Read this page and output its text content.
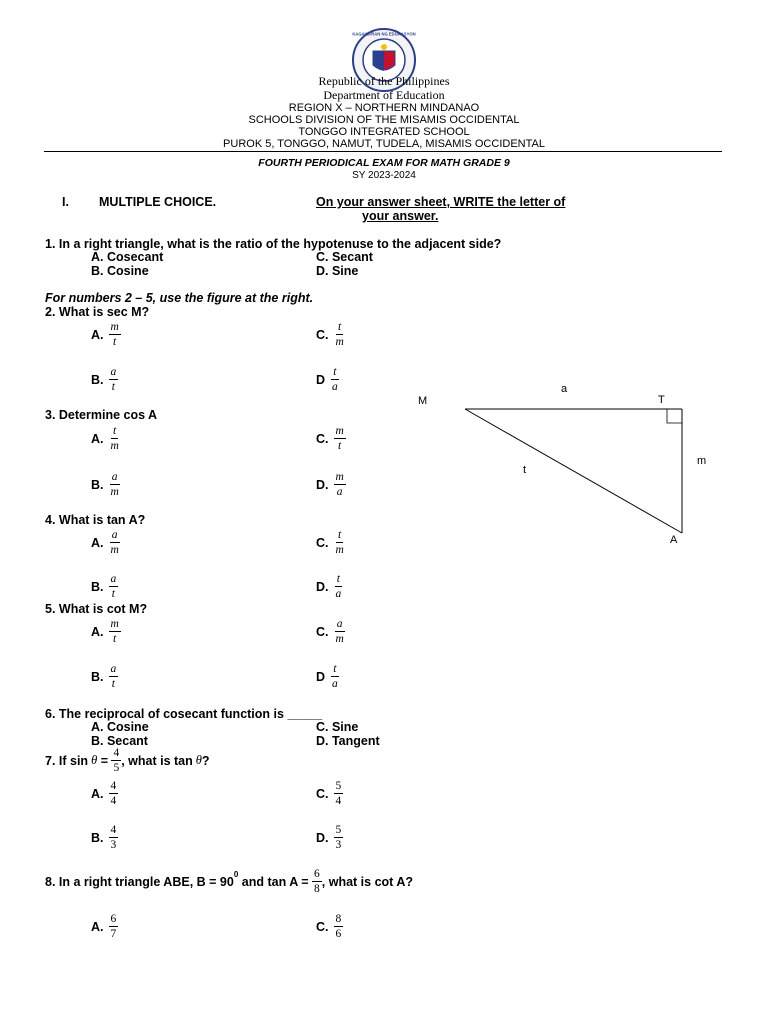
KAGAWARAN NG EDUKASYON
Republic of the Philippines
Department of Education
REGION X – NORTHERN MINDANAO
SCHOOLS DIVISION OF THE MISAMIS OCCIDENTAL
TONGGO INTEGRATED SCHOOL
PUROK 5, TONGGO, NAMUT, TUDELA, MISAMIS OCCIDENTAL
FOURTH PERIODICAL EXAM FOR MATH GRADE 9
SY 2023-2024
I. MULTIPLE CHOICE.	On your answer sheet, WRITE the letter of
your answer.
1. In a right triangle, what is the ratio of the hypotenuse to the adjacent side?
A. Cosecant	C. Secant
B. Cosine	D. Sine
For numbers 2 – 5, use the figure at the right.
2. What is sec M?
A. $\frac{m}{t}$	C. $\frac{t}{m}$
B. $\frac{a}{t}$	D $\frac{t}{a}$
3. Determine cos A
A. $\frac{t}{m}$	C. $\frac{m}{t}$
B. $\frac{a}{m}$	D. $\frac{m}{a}$
4. What is tan A?
A. $\frac{a}{m}$	C. $\frac{t}{m}$
B. $\frac{a}{t}$	D. $\frac{t}{a}$
5. What is cot M?
A. $\frac{m}{t}$	C. $\frac{a}{m}$
B. $\frac{a}{t}$	D $\frac{t}{a}$
6. The reciprocal of cosecant function is _____
A. Cosine	C. Sine
B. Secant	D. Tangent
7. If $\sin \theta = \frac{4}{5}$ , what is tan θ ?
A. $\frac{4}{4}$	C. $\frac{5}{4}$
B. $\frac{4}{3}$	D. $\frac{5}{3}$
8. In a right triangle ABE, $B = 90^0$ and $\tan A = \frac{6}{8}$ , what is cot A?
A. $\frac{6}{7}$	C. $\frac{8}{6}$
M	T
A
a
m
t
